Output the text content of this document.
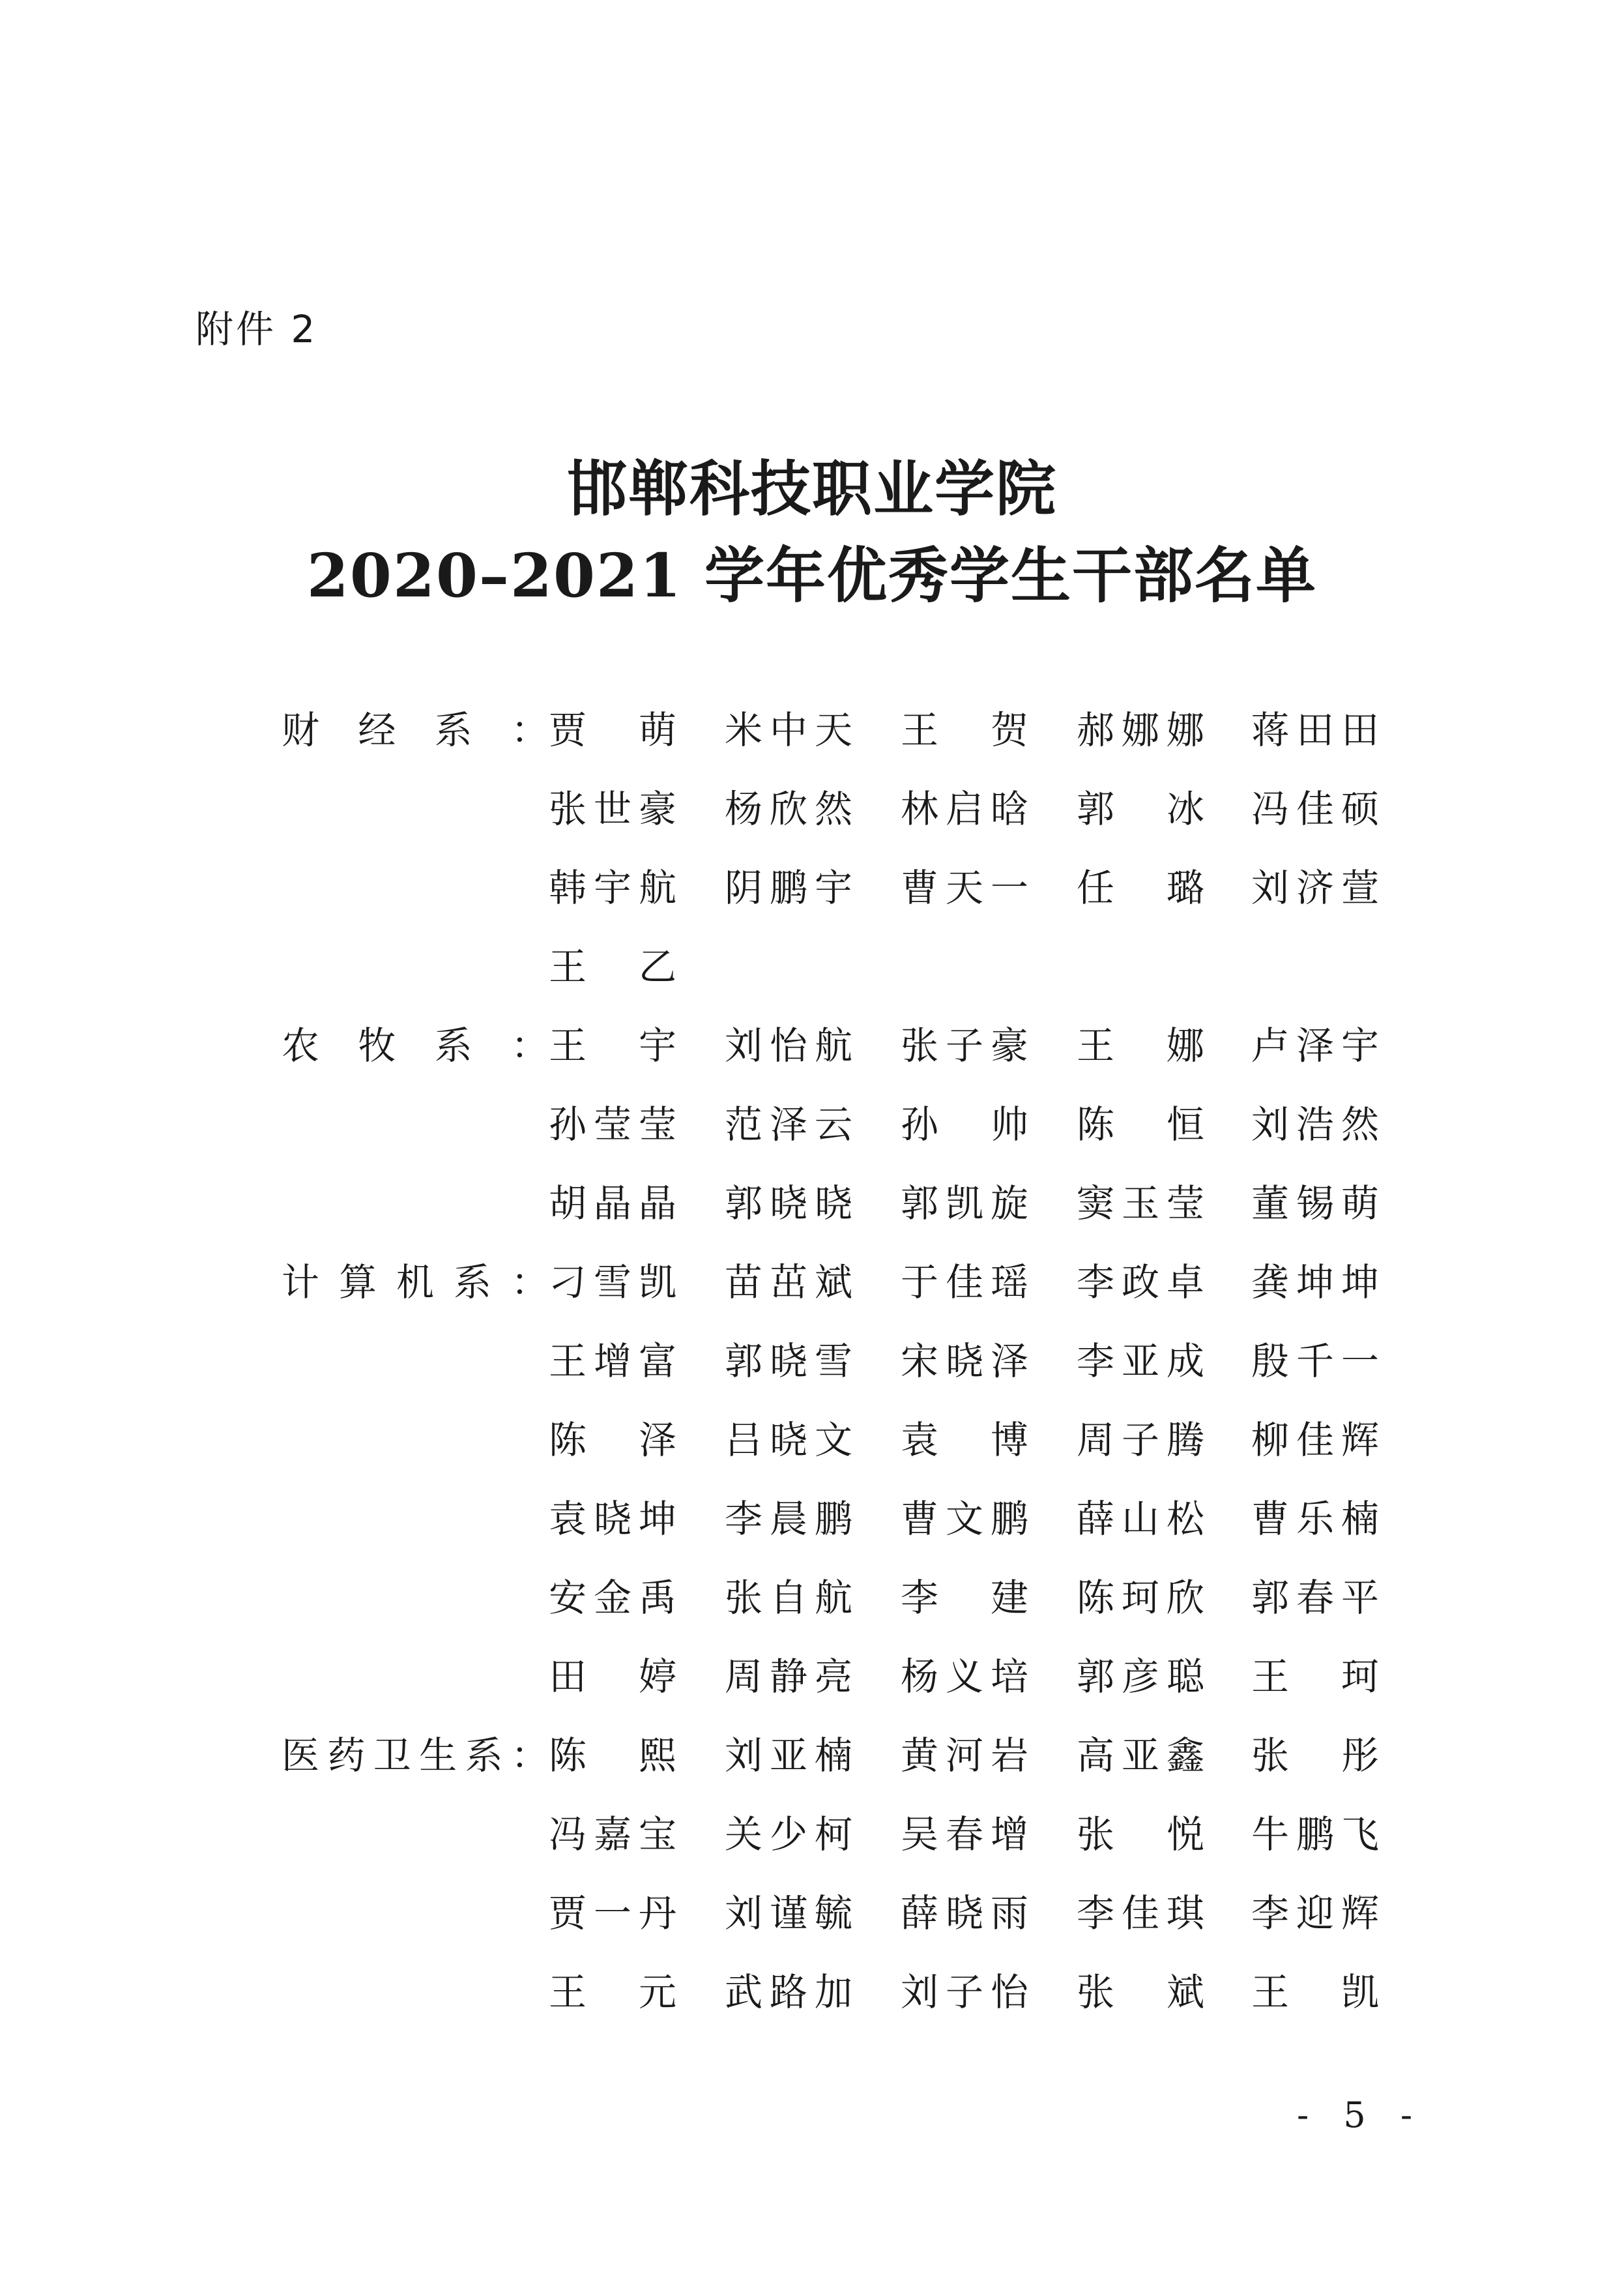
附件 2
邯郸科技职业学院
2020–2021 学年优秀学生干部名单
财 经 系 ： 贾 萌 米 中 天 王 贺 郝 娜 娜 蒋 田 田
张 世 豪 杨 欣 然 林 启 晗 郭 冰 冯 佳 硕
韩 宇 航 阴 鹏 宇 曹 天 一 任 璐 刘 济 萱
王 乙
农 牧 系 ： 王 宇 刘 怡 航 张 子 豪 王 娜 卢 泽 宇
孙 莹 莹 范 泽 云 孙 帅 陈 恒 刘 浩 然
胡 晶 晶 郭 晓 晓 郭 凯 旋 窦 玉 莹 董 锡 萌
计 算 机 系 ： 刁 雪 凯 苗 茁 斌 于 佳 瑶 李 政 卓 龚 坤 坤
王 增 富 郭 晓 雪 宋 晓 泽 李 亚 成 殷 千 一
陈 泽 吕 晓 文 袁 博 周 子 腾 柳 佳 辉
袁 晓 坤 李 晨 鹏 曹 文 鹏 薛 山 松 曹 乐 楠
安 金 禹 张 自 航 李 建 陈 珂 欣 郭 春 平
田 婷 周 静 亮 杨 义 培 郭 彦 聪 王 珂
医 药 卫 生 系 ： 陈 熙 刘 亚 楠 黄 河 岩 高 亚 鑫 张 彤
冯 嘉 宝 关 少 柯 吴 春 增 张 悦 牛 鹏 飞
贾 一 丹 刘 谨 毓 薛 晓 雨 李 佳 琪 李 迎 辉
王 元 武 路 加 刘 子 怡 张 斌 王 凯
- 5 -
